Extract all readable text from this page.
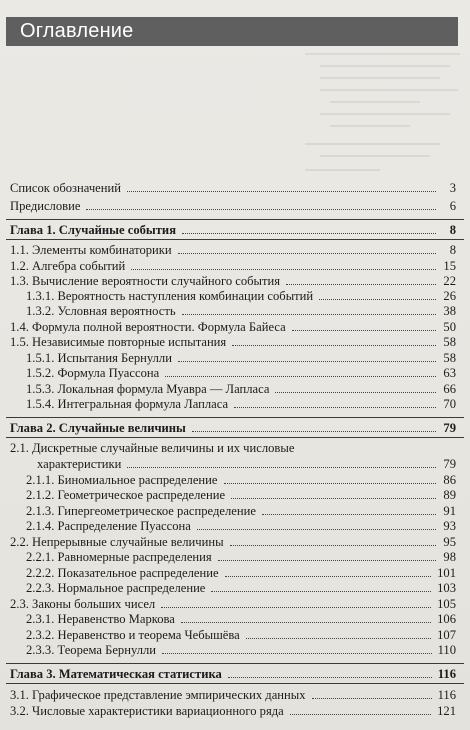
Оглавление
Список обозначений	3
Предисловие	6
Глава 1. Случайные события	8
1.1. Элементы комбинаторики	8
1.2. Алгебра событий	15
1.3. Вычисление вероятности случайного события	22
1.3.1. Вероятность наступления комбинации событий	26
1.3.2. Условная вероятность	38
1.4. Формула полной вероятности. Формула Байеса	50
1.5. Независимые повторные испытания	58
1.5.1. Испытания Бернулли	58
1.5.2. Формула Пуассона	63
1.5.3. Локальная формула Муавра — Лапласа	66
1.5.4. Интегральная формула Лапласа	70
Глава 2. Случайные величины	79
2.1. Дискретные случайные величины и их числовые
характеристики	79
2.1.1. Биномиальное распределение	86
2.1.2. Геометрическое распределение	89
2.1.3. Гипергеометрическое распределение	91
2.1.4. Распределение Пуассона	93
2.2. Непрерывные случайные величины	95
2.2.1. Равномерные распределения	98
2.2.2. Показательное распределение	101
2.2.3. Нормальное распределение	103
2.3. Законы больших чисел	105
2.3.1. Неравенство Маркова	106
2.3.2. Неравенство и теорема Чебышёва	107
2.3.3. Теорема Бернулли	110
Глава 3. Математическая статистика	116
3.1. Графическое представление эмпирических данных	116
3.2. Числовые характеристики вариационного ряда	121
